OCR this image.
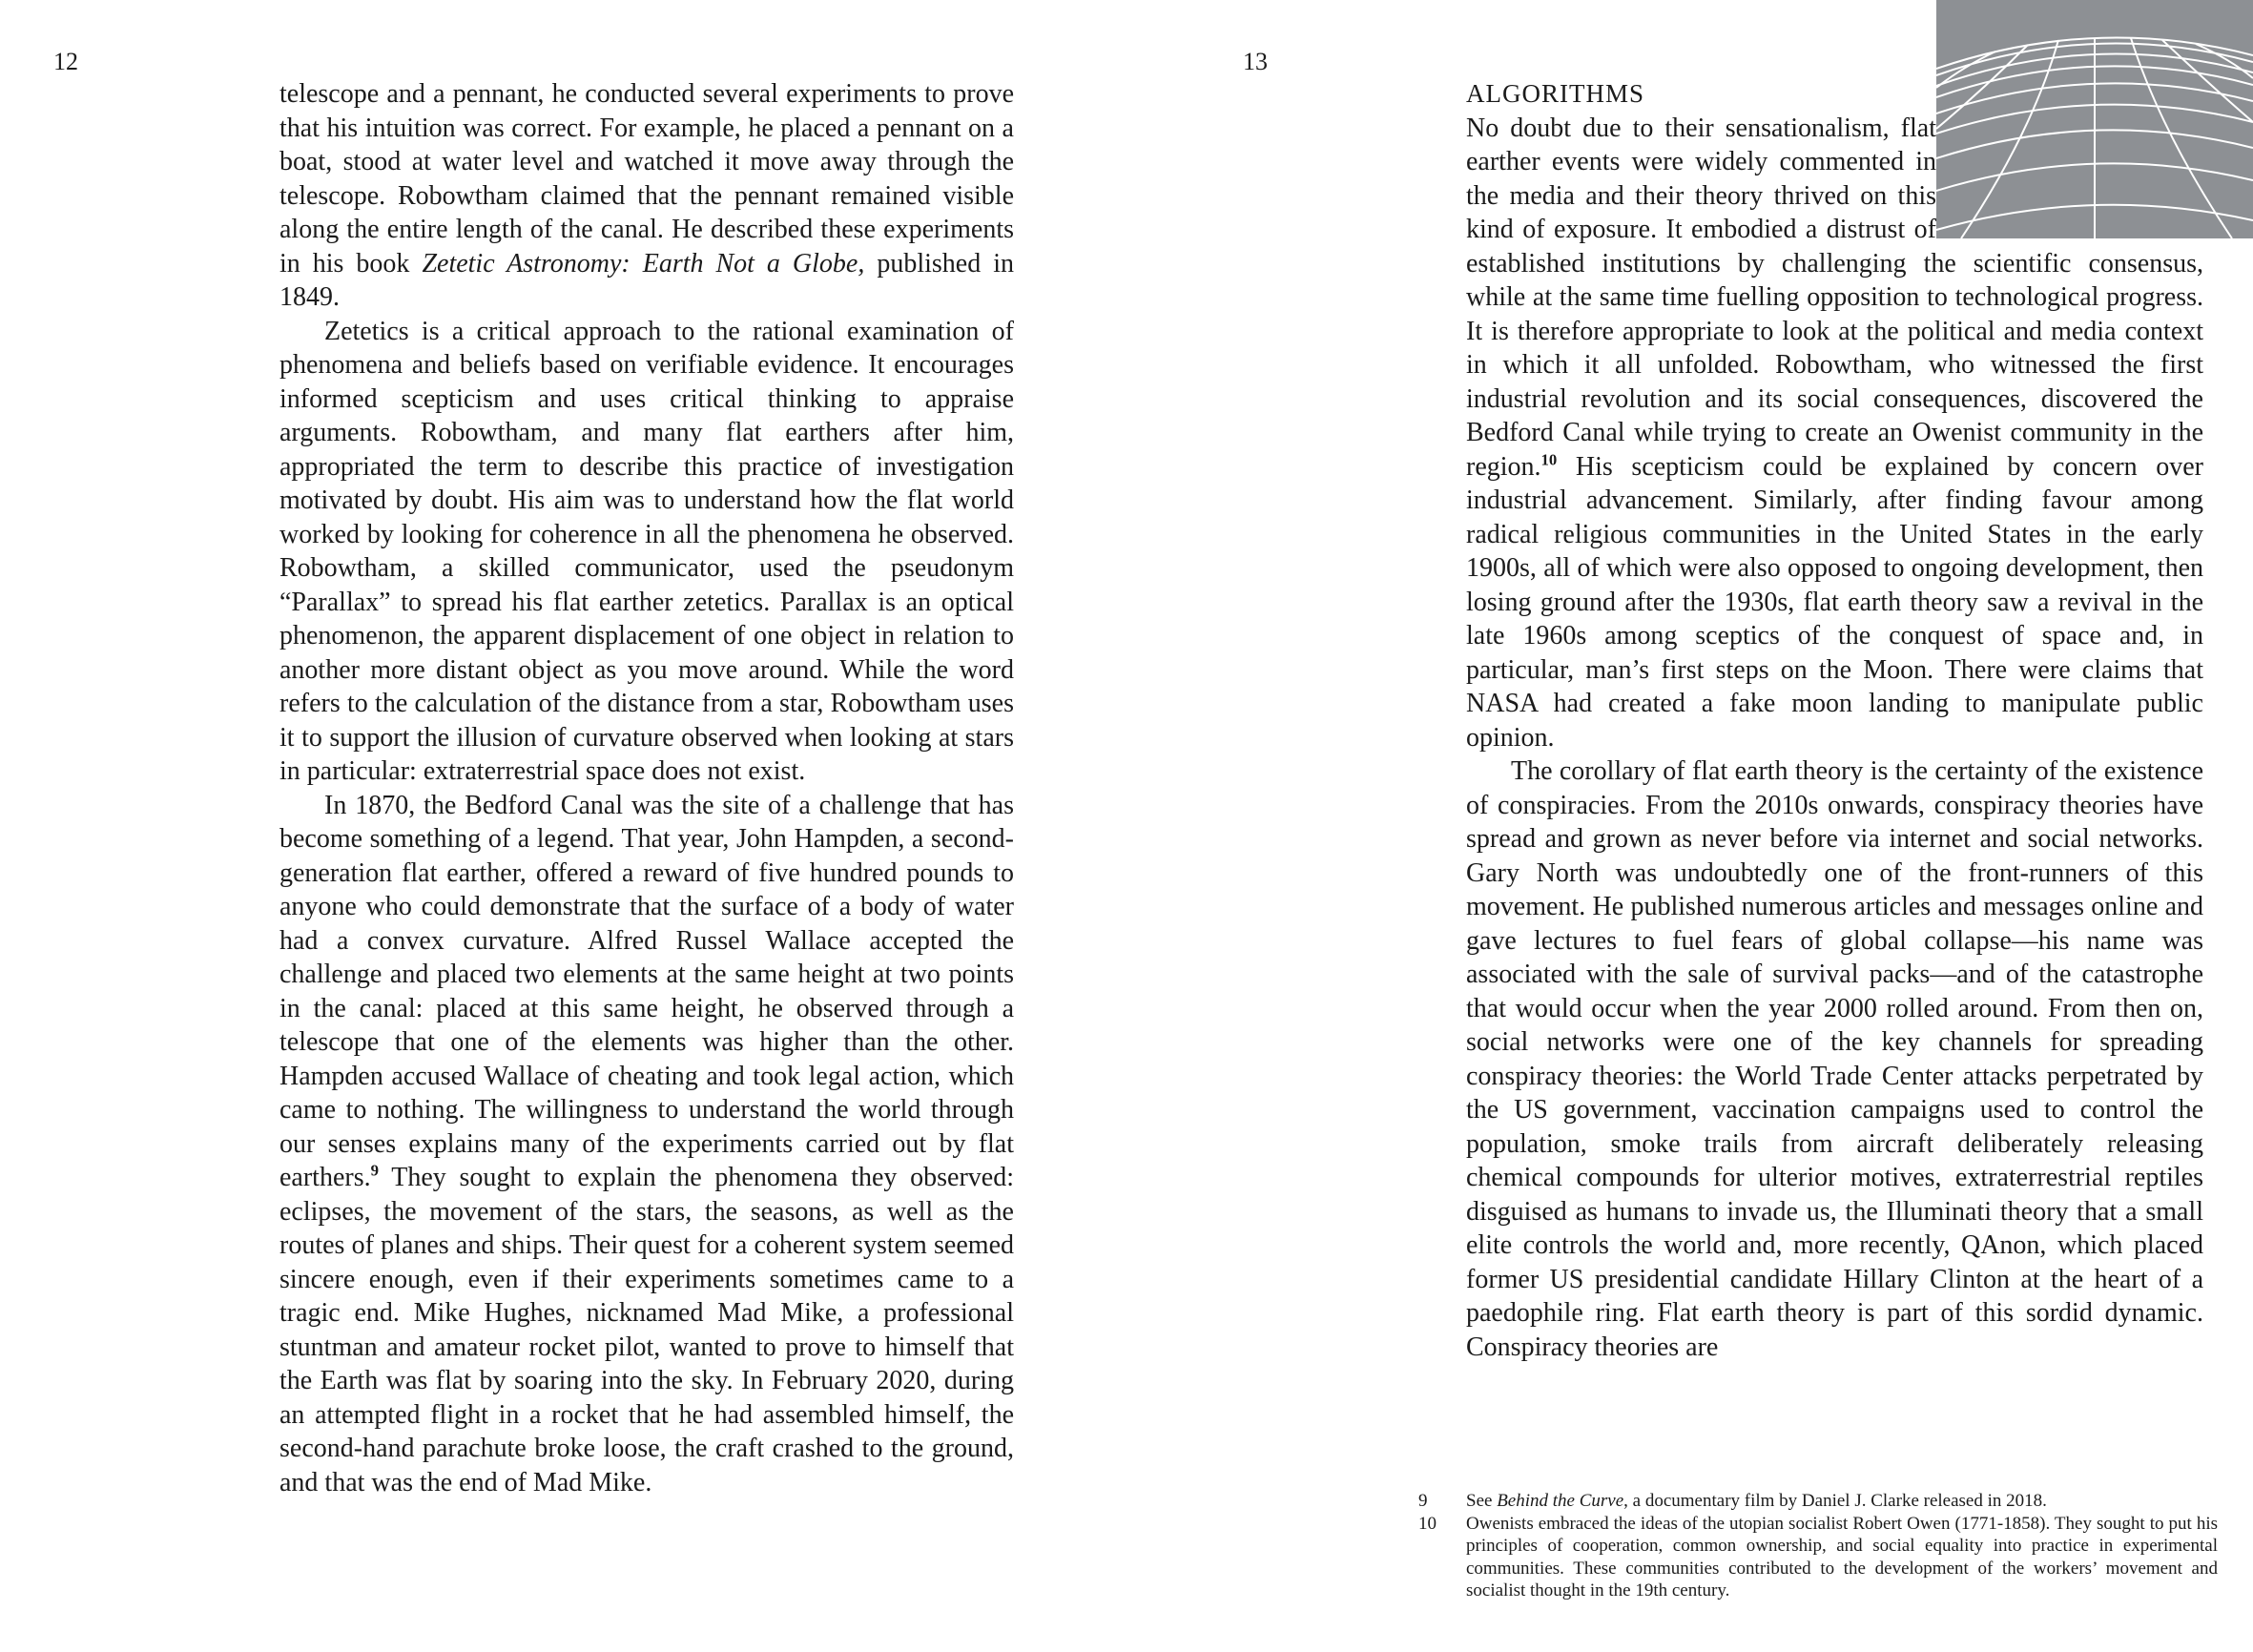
12

telescope and a pennant, he conducted several experiments to prove that his intuition was correct. For example, he placed a pennant on a boat, stood at water level and watched it move away through the telescope. Robowtham claimed that the pennant remained visible along the entire length of the canal. He described these experiments in his book Zetetic Astronomy: Earth Not a Globe, published in 1849.

Zetetics is a critical approach to the rational examination of phenomena and beliefs based on verifiable evidence. It encourages informed scepticism and uses critical thinking to appraise arguments. Robowtham, and many flat earthers after him, appropriated the term to describe this practice of investigation motivated by doubt. His aim was to understand how the flat world worked by looking for coherence in all the phenomena he observed. Robowtham, a skilled communicator, used the pseudonym “Parallax” to spread his flat earther zetetics. Parallax is an optical phenomenon, the apparent displacement of one object in relation to another more distant object as you move around. While the word refers to the calculation of the distance from a star, Robowtham uses it to support the illusion of curvature observed when looking at stars in particular: extraterrestrial space does not exist.

In 1870, the Bedford Canal was the site of a challenge that has become something of a legend. That year, John Hampden, a second-generation flat earther, offered a reward of five hundred pounds to anyone who could demonstrate that the surface of a body of water had a convex curvature. Alfred Russel Wallace accepted the challenge and placed two elements at the same height at two points in the canal: placed at this same height, he observed through a telescope that one of the elements was higher than the other. Hampden accused Wallace of cheating and took legal action, which came to nothing. The willingness to understand the world through our senses explains many of the experiments carried out by flat earthers.$^9$ They sought to explain the phenomena they observed: eclipses, the movement of the stars, the seasons, as well as the routes of planes and ships. Their quest for a coherent system seemed sincere enough, even if their experiments sometimes came to a tragic end. Mike Hughes, nicknamed Mad Mike, a professional stuntman and amateur rocket pilot, wanted to prove to himself that the Earth was flat by soaring into the sky. In February 2020, during an attempted flight in a rocket that he had assembled himself, the second-hand parachute broke loose, the craft crashed to the ground, and that was the end of Mad Mike.

13
ALGORITHMS

No doubt due to their sensationalism, flat earther events were widely commented in the media and their theory thrived on this kind of exposure. It embodied a distrust of established institutions by challenging the scientific consensus, while at the same time fuelling opposition to technological progress. It is therefore appropriate to look at the political and media context in which it all unfolded. Robowtham, who witnessed the first industrial revolution and its social consequences, discovered the Bedford Canal while trying to create an Owenist community in the region.$^{10}$ His scepticism could be explained by concern over industrial advancement. Similarly, after finding favour among radical religious communities in the United States in the early 1900s, all of which were also opposed to ongoing development, then losing ground after the 1930s, flat earth theory saw a revival in the late 1960s among sceptics of the conquest of space and, in particular, man’s first steps on the Moon. There were claims that NASA had created a fake moon landing to manipulate public opinion.

The corollary of flat earth theory is the certainty of the existence of conspiracies. From the 2010s onwards, conspiracy theories have spread and grown as never before via internet and social networks. Gary North was undoubtedly one of the front-runners of this movement. He published numerous articles and messages online and gave lectures to fuel fears of global collapse—his name was associated with the sale of survival packs—and of the catastrophe that would occur when the year 2000 rolled around. From then on, social networks were one of the key channels for spreading conspiracy theories: the World Trade Center attacks perpetrated by the US government, vaccination campaigns used to control the population, smoke trails from aircraft deliberately releasing chemical compounds for ulterior motives, extraterrestrial reptiles disguised as humans to invade us, the Illuminati theory that a small elite controls the world and, more recently, QAnon, which placed former US presidential candidate Hillary Clinton at the heart of a paedophile ring. Flat earth theory is part of this sordid dynamic. Conspiracy theories are

9	See Behind the Curve, a documentary film by Daniel J. Clarke released in 2018.
10	Owenists embraced the ideas of the utopian socialist Robert Owen (1771-1858). They sought to put his principles of cooperation, common ownership, and social equality into practice in experimental communities. These communities contributed to the development of the workers’ movement and socialist thought in the 19th century.
